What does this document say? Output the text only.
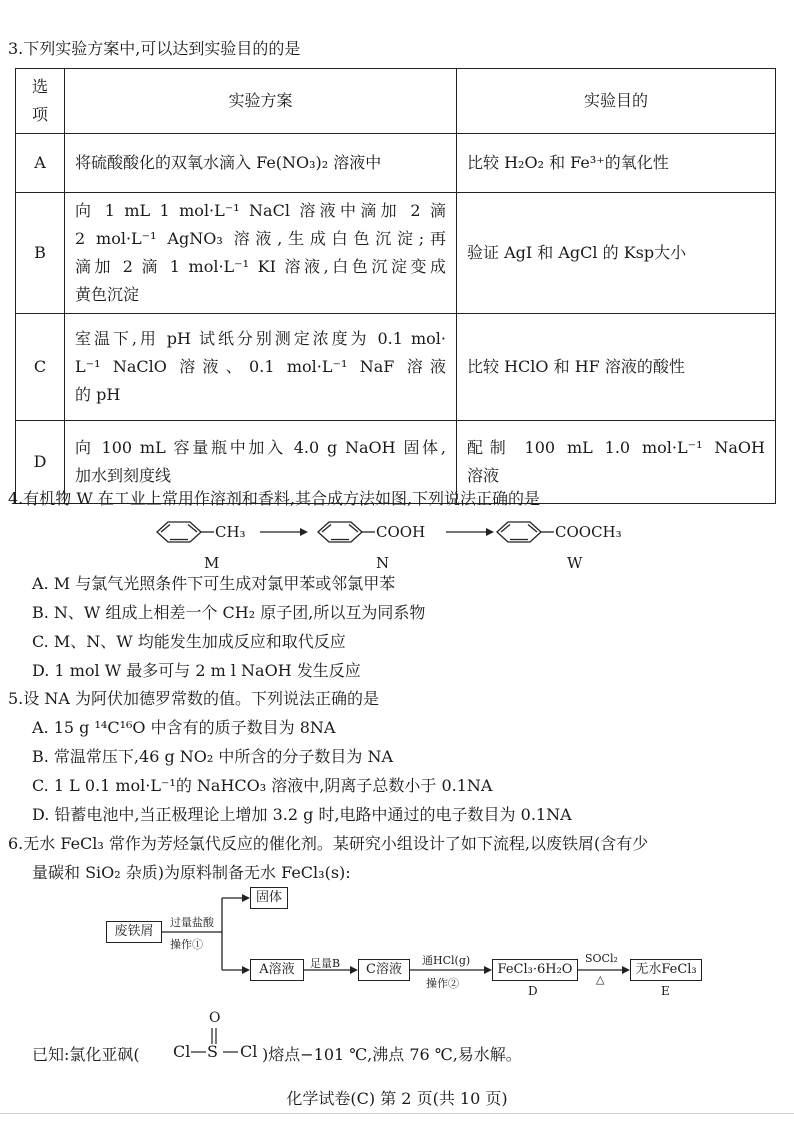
3.下列实验方案中,可以达到实验目的的是
选项	实验方案	实验目的
A	将硫酸酸化的双氧水滴入 Fe(NO₃)₂ 溶液中	比较 H₂O₂ 和 Fe³⁺的氧化性

B	向 1 mL 1 mol·L⁻¹ NaCl 溶液中滴加 2 滴
2 mol·L⁻¹ AgNO₃ 溶液,生成白色沉淀;再
滴加 2 滴 1 mol·L⁻¹ KI 溶液,白色沉淀变成
黄色沉淀	验证 AgI 和 AgCl 的 Ksp大小

C	室温下,用 pH 试纸分别测定浓度为 0.1 mol·
L⁻¹ NaClO 溶液、0.1 mol·L⁻¹ NaF 溶液
的 pH	比较 HClO 和 HF 溶液的酸性

D	向 100 mL 容量瓶中加入 4.0 g NaOH 固体,
加水到刻度线	配制 100 mL 1.0 mol·L⁻¹ NaOH
溶液
4.有机物 W 在工业上常用作溶剂和香料,其合成方法如图,下列说法正确的是
CH₃	COOH	COOCH₃
M	N	W
A. M 与氯气光照条件下可生成对氯甲苯或邻氯甲苯
B. N、W 组成上相差一个 CH₂ 原子团,所以互为同系物
C. M、N、W 均能发生加成反应和取代反应
D. 1 mol W 最多可与 2 m l NaOH 发生反应
5.设 NA 为阿伏加德罗常数的值。下列说法正确的是
A. 15 g ¹⁴C¹⁶O 中含有的质子数目为 8NA
B. 常温常压下,46 g NO₂ 中所含的分子数目为 NA
C. 1 L 0.1 mol·L⁻¹的 NaHCO₃ 溶液中,阴离子总数小于 0.1NA
D. 铅蓄电池中,当正极理论上增加 3.2 g 时,电路中通过的电子数目为 0.1NA
6.无水 FeCl₃ 常作为芳烃氯代反应的催化剂。某研究小组设计了如下流程,以废铁屑(含有少
量碳和 SiO₂ 杂质)为原料制备无水 FeCl₃(s):
废铁屑
过量盐酸
操作①
固体
A溶液	足量B	C溶液
通HCl(g)
操作②
FeCl₃·6H₂O
D
SOCl₂
△
无水FeCl₃
E
已知:氯化亚砜( Cl S Cl
O
)熔点−101 ℃,沸点 76 ℃,易水解。
化学试卷(C) 第 2 页(共 10 页)
